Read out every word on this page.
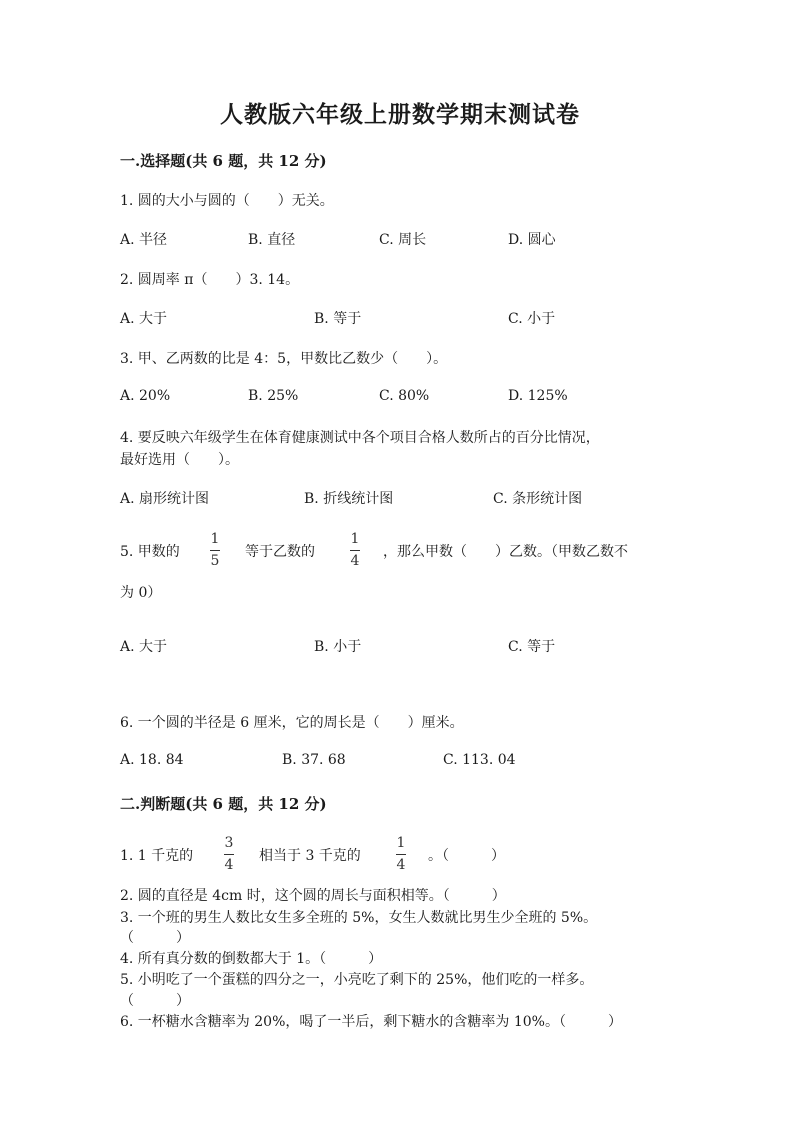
人教版六年级上册数学期末测试卷
一.选择题(共 6 题，共 12 分)
1. 圆的大小与圆的（　　）无关。
A. 半径	B. 直径	C. 周长	D. 圆心
2. 圆周率 π（　　）3. 14。
A. 大于	B. 等于	C. 小于
3. 甲、乙两数的比是 4：5，甲数比乙数少（　　）。
A. 20%	B. 25%	C. 80%	D. 125%
4. 要反映六年级学生在体育健康测试中各个项目合格人数所占的百分比情况，
最好选用（　　）。
A. 扇形统计图	B. 折线统计图	C. 条形统计图
5. 甲数的
1
5
等于乙数的
1
4
，那么甲数（　　）乙数。（甲数乙数不
为 0）
A. 大于	B. 小于	C. 等于
6. 一个圆的半径是 6 厘米，它的周长是（　　）厘米。
A. 18. 84	B. 37. 68	C. 113. 04
二.判断题(共 6 题，共 12 分)
1. 1 千克的
3
4
相当于 3 千克的
1
4
。（　　　）
2. 圆的直径是 4cm 时，这个圆的周长与面积相等。（　　　）
3. 一个班的男生人数比女生多全班的 5%，女生人数就比男生少全班的 5%。
（　　　）
4. 所有真分数的倒数都大于 1。（　　　）
5. 小明吃了一个蛋糕的四分之一，小亮吃了剩下的 25%，他们吃的一样多。
（　　　）
6. 一杯糖水含糖率为 20%，喝了一半后，剩下糖水的含糖率为 10%。（　　　）
